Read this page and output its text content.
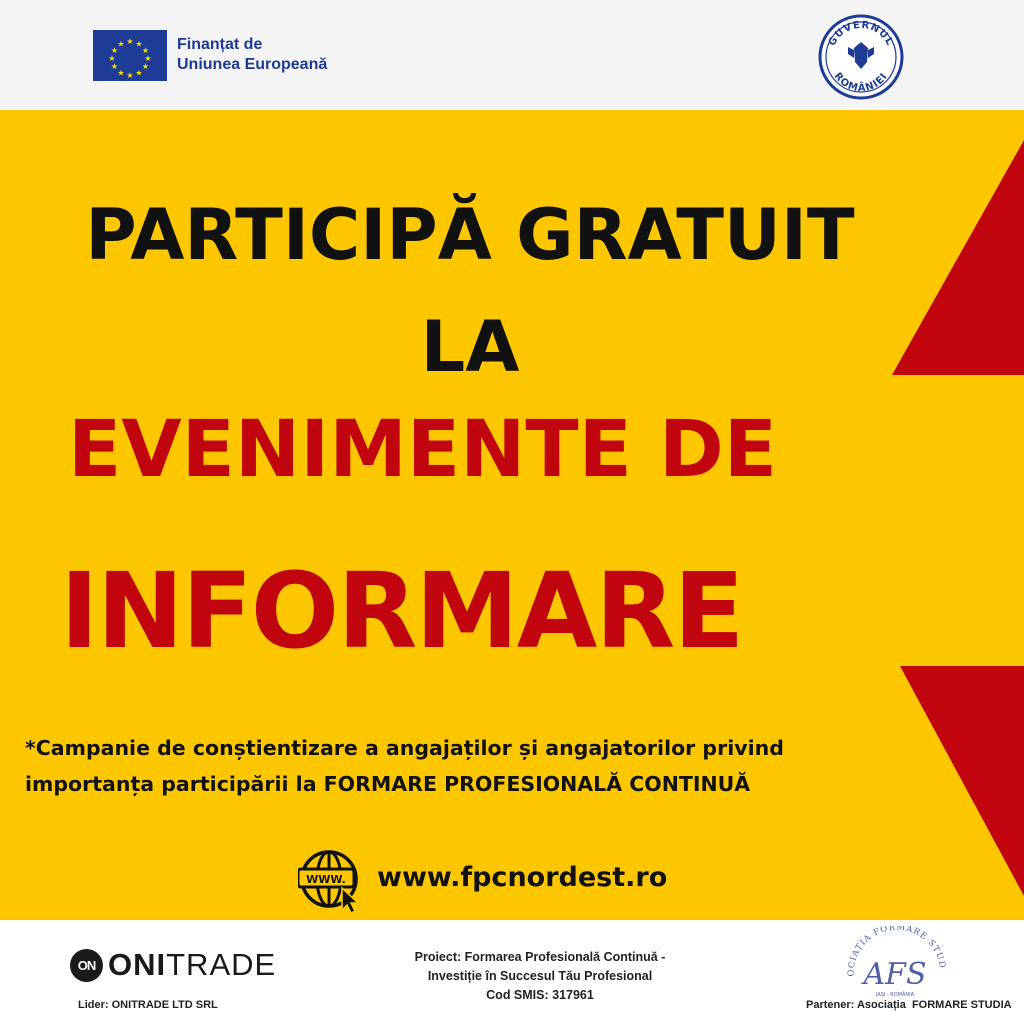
★ ★
★
★
★
★
★
★
★
★
★
★	Finanțat de
Uniunea Europeană
GUVERNUL
ROMÂNIEI
PARTICIPĂ GRATUIT
LA
EVENIMENTE DE
INFORMARE
*Campanie de conștientizare a angajaților și angajatorilor privind
importanța participării la FORMARE PROFESIONALĂ CONTINUĂ
WWW. www.fpcnordest.ro
ON ONITRADE
Lider: ONITRADE LTD SRL
Proiect: Formarea Profesională Continuă -
Investiție în Succesul Tău Profesional
Cod SMIS: 317961
OCIAȚIA FORMARE STUD
AFS
IAȘI · ROMÂNIA
Partener: Asociația  FORMARE STUDIA
